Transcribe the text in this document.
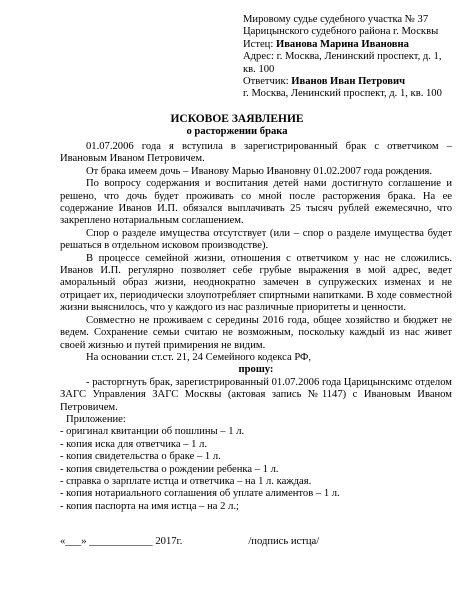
Мировому судье судебного участка № 37
Царицынского судебного района г. Москвы
Истец: Иванова Марина Ивановна
Адрес: г. Москва, Ленинский проспект, д. 1,
кв. 100
Ответчик: Иванов Иван Петрович
г. Москва, Ленинский проспект, д. 1, кв. 100
ИСКОВОЕ ЗАЯВЛЕНИЕ
о расторжении брака

01.07.2006 года я вступила в зарегистрированный брак с ответчиком – Ивановым Иваном Петровичем.

От брака имеем дочь – Иванову Марью Ивановну 01.02.2007 года рождения.

По вопросу содержания и воспитания детей нами достигнуто соглашение и решено, что дочь будет проживать со мной после расторжения брака. На ее содержание Иванов И.П. обязался выплачивать 25 тысяч рублей ежемесячно, что закреплено нотариальным соглашением.

Спор о разделе имущества отсутствует (или – спор о разделе имущества будет решаться в отдельном исковом производстве).

В процессе семейной жизни, отношения с ответчиком у нас не сложились. Иванов И.П. регулярно позволяет себе грубые выражения в мой адрес, ведет аморальный образ жизни, неоднократно замечен в супружеских изменах и не отрицает их, периодически злоупотребляет спиртными напитками. В ходе совместной жизни выяснилось, что у каждого из нас различные приоритеты и ценности.

Совместно не проживаем с середины 2016 года, общее хозяйство и бюджет не ведем. Сохранение семьи считаю не возможным, поскольку каждый из нас живет своей жизнью и путей примирения не видим.

На основании ст.ст. 21, 24 Семейного кодекса РФ,

прошу:

- расторгнуть брак, зарегистрированный 01.07.2006 года Царицынскимс отделом ЗАГС Управления ЗАГС Москвы (актовая запись №1147) с Ивановым Иваном Петровичем.

Приложение:

- оригинал квитанции об пошлины – 1 л.

- копия иска для ответчика – 1 л.

- копия свидетельства о браке – 1 л.

- копия свидетельства о рождении ребенка – 1 л.

- справка о зарплате истца и ответчика – на 1 л. каждая.

- копия нотариального соглашения об уплате алиментов – 1 л.

- копия паспорта на имя истца – на 2 л.;

«___» ____________ 2017г.	/подпись истца/
